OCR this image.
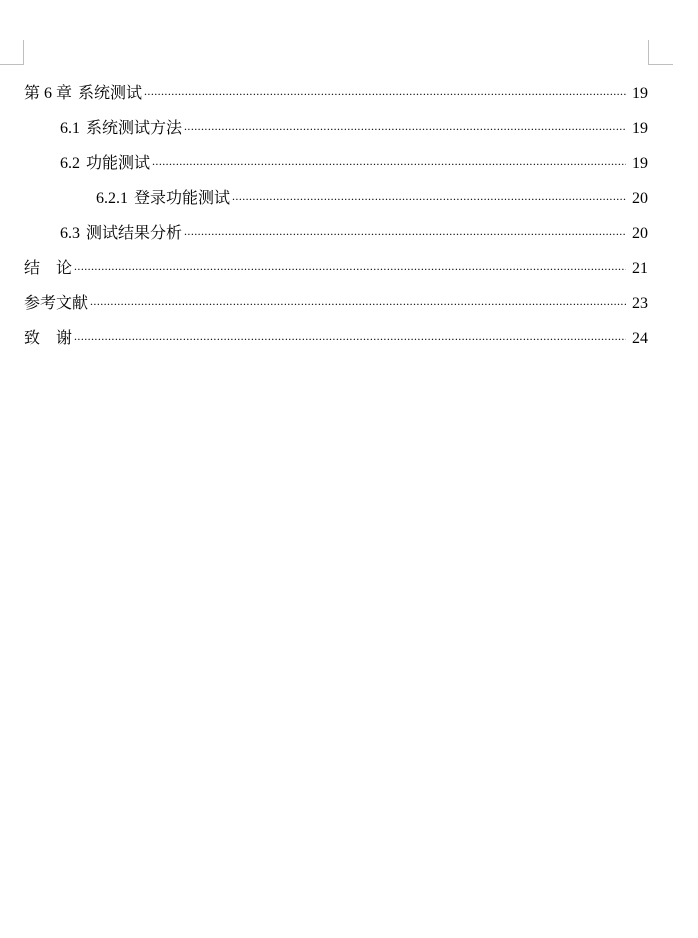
第 6 章 系统测试 .....	19
6.1 系统测试方法 .....	19
6.2 功能测试 .....	19
6.2.1 登录功能测试 .....	20
6.3 测试结果分析 .....	20
结　论 .....	21
参考文献 .....	23
致　谢 .....	24
